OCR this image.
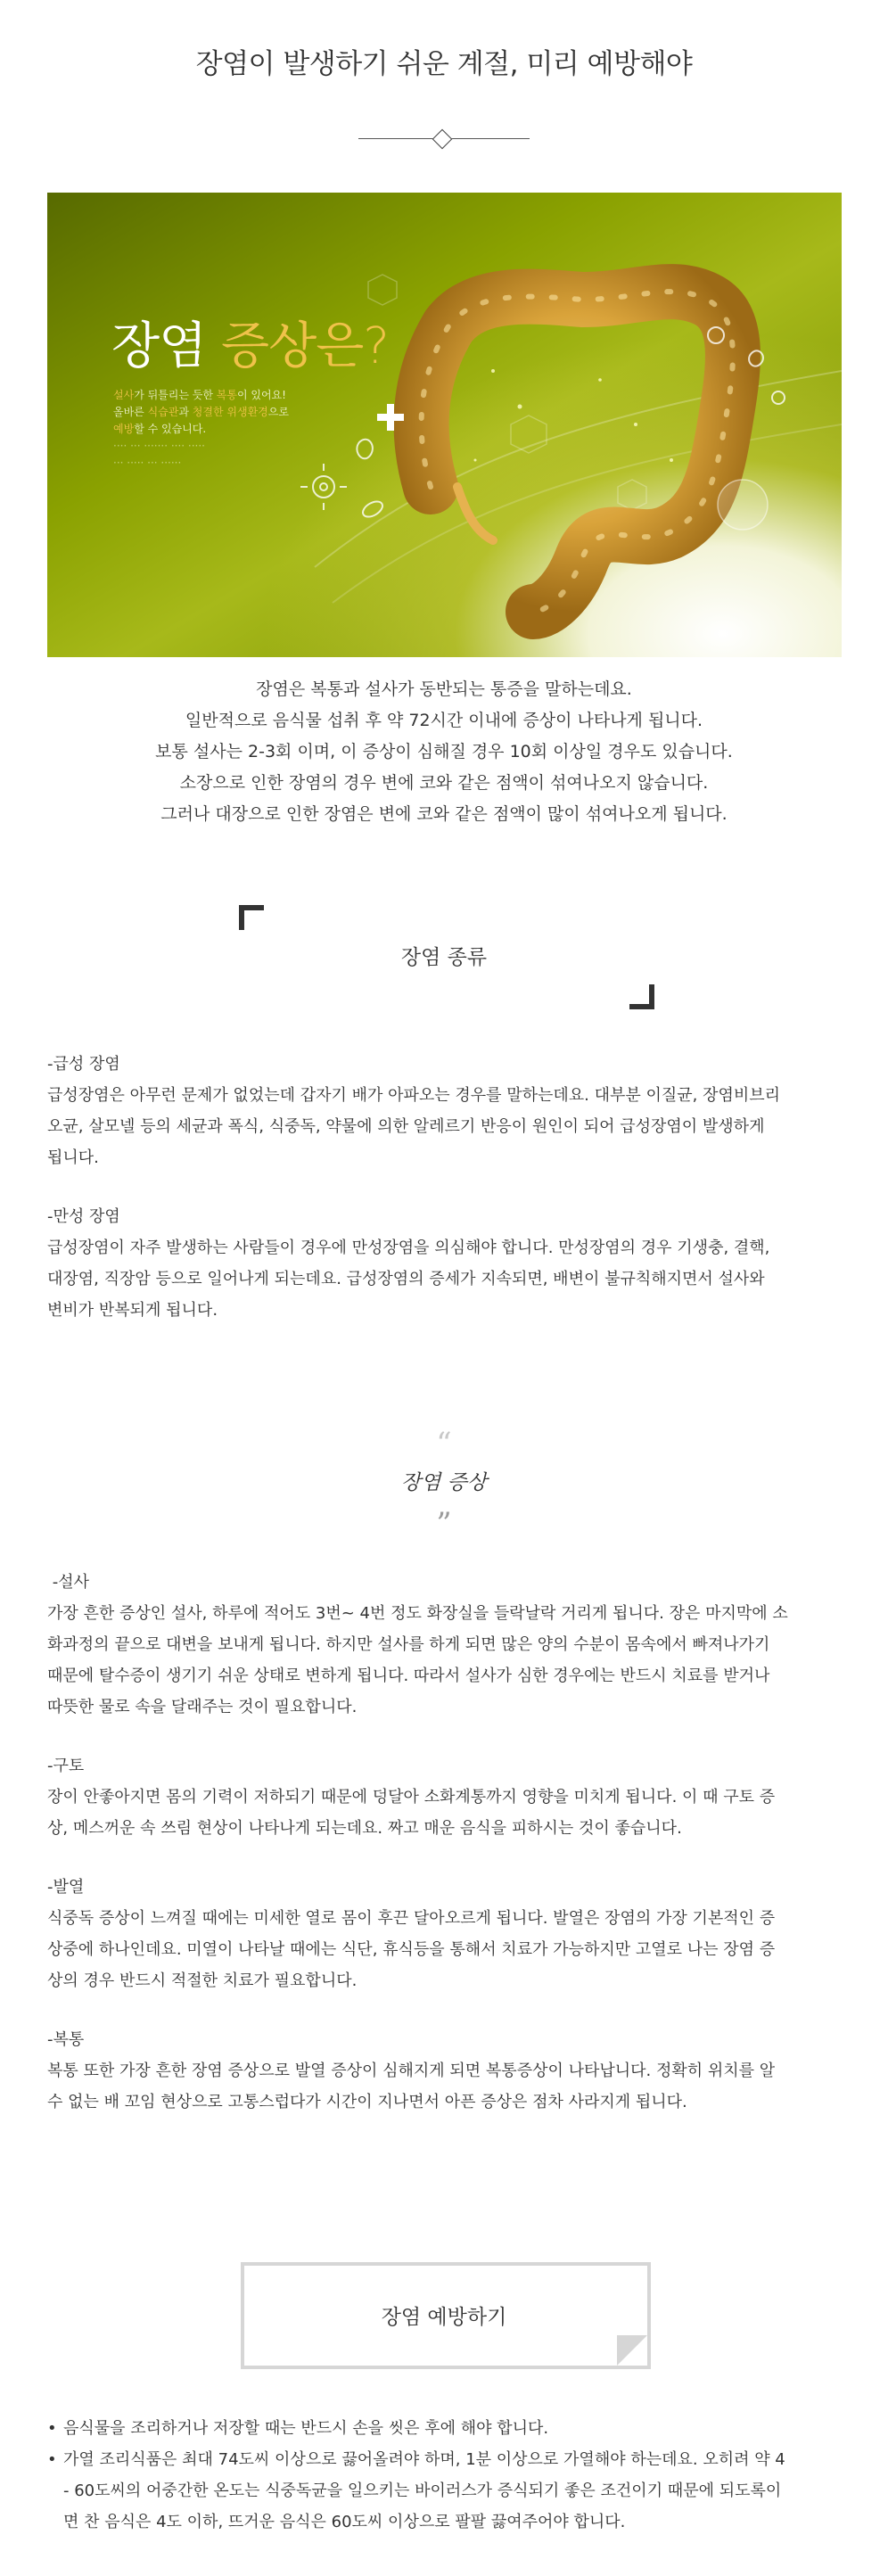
장염이 발생하기 쉬운 계절, 미리 예방해야
장염 증상은?
설사가 뒤틀리는 듯한 복통이 있어요!
올바른 식습관과 청결한 위생환경으로
예방할 수 있습니다.
···· ··· ······· ···· ·····
··· ····· ··· ······

장염은 복통과 설사가 동반되는 통증을 말하는데요.

일반적으로 음식물 섭취 후 약 72시간 이내에 증상이 나타나게 됩니다.

보통 설사는 2-3회 이며, 이 증상이 심해질 경우 10회 이상일 경우도 있습니다.

소장으로 인한 장염의 경우 변에 코와 같은 점액이 섞여나오지 않습니다.

그러나 대장으로 인한 장염은 변에 코와 같은 점액이 많이 섞여나오게 됩니다.

장염 종류

-급성 장염

급성장염은 아무런 문제가 없었는데 갑자기 배가 아파오는 경우를 말하는데요. 대부분 이질균, 장염비브리

오균, 살모넬 등의 세균과 폭식, 식중독, 약물에 의한 알레르기 반응이 원인이 되어 급성장염이 발생하게

됩니다.

-만성 장염

급성장염이 자주 발생하는 사람들이 경우에 만성장염을 의심해야 합니다. 만성장염의 경우 기생충, 결핵,

대장염, 직장암 등으로 일어나게 되는데요. 급성장염의 증세가 지속되면, 배변이 불규칙해지면서 설사와

변비가 반복되게 됩니다.

“
장염 증상
”

-설사

가장 흔한 증상인 설사, 하루에 적어도 3번~ 4번 정도 화장실을 들락날락 거리게 됩니다. 장은 마지막에 소

화과정의 끝으로 대변을 보내게 됩니다. 하지만 설사를 하게 되면 많은 양의 수분이 몸속에서 빠져나가기

때문에 탈수증이 생기기 쉬운 상태로 변하게 됩니다. 따라서 설사가 심한 경우에는 반드시 치료를 받거나

따뜻한 물로 속을 달래주는 것이 필요합니다.

-구토

장이 안좋아지면 몸의 기력이 저하되기 때문에 덩달아 소화계통까지 영향을 미치게 됩니다. 이 때 구토 증

상, 메스꺼운 속 쓰림 현상이 나타나게 되는데요. 짜고 매운 음식을 피하시는 것이 좋습니다.

-발열

식중독 증상이 느껴질 때에는 미세한 열로 몸이 후끈 달아오르게 됩니다. 발열은 장염의 가장 기본적인 증

상중에 하나인데요. 미열이 나타날 때에는 식단, 휴식등을 통해서 치료가 가능하지만 고열로 나는 장염 증

상의 경우 반드시 적절한 치료가 필요합니다.

-복통

복통 또한 가장 흔한 장염 증상으로 발열 증상이 심해지게 되면 복통증상이 나타납니다. 정확히 위치를 알

수 없는 배 꼬임 현상으로 고통스럽다가 시간이 지나면서 아픈 증상은 점차 사라지게 됩니다.

장염 예방하기
• 음식물을 조리하거나 저장할 때는 반드시 손을 씻은 후에 해야 합니다.
• 가열 조리식품은 최대 74도씨 이상으로 끓어올려야 하며, 1분 이상으로 가열해야 하는데요. 오히려 약 4
- 60도씨의 어중간한 온도는 식중독균을 일으키는 바이러스가 증식되기 좋은 조건이기 때문에 되도록이
면 찬 음식은 4도 이하, 뜨거운 음식은 60도씨 이상으로 팔팔 끓여주어야 합니다.
